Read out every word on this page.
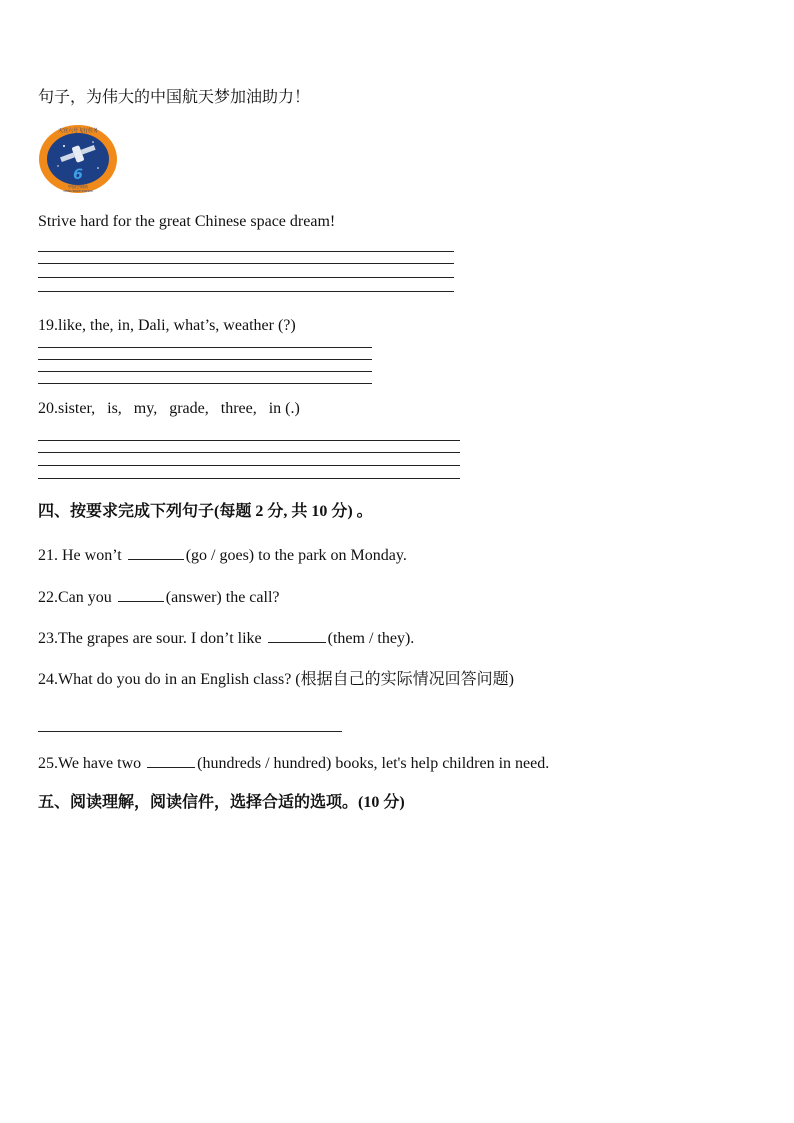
句子，为伟大的中国航天梦加油助力！
6
天宫六号飞行任务
中国空间站
CHINA SPACE STATION
Strive hard for the great Chinese space dream!
19.like, the, in, Dali, what’s, weather (?)
20.sister,   is,   my,   grade,   three,   in (.)
四、按要求完成下列句子(每题 2 分, 共 10 分) 。
21. He won’t	(go / goes) to the park on Monday.
22.Can you	(answer) the call?
23.The grapes are sour. I don’t like	(them / they).
24.What do you do in an English class? (根据自己的实际情况回答问题)
25.We have two	(hundreds / hundred) books, let's help children in need.
五、阅读理解，阅读信件，选择合适的选项。(10 分)
